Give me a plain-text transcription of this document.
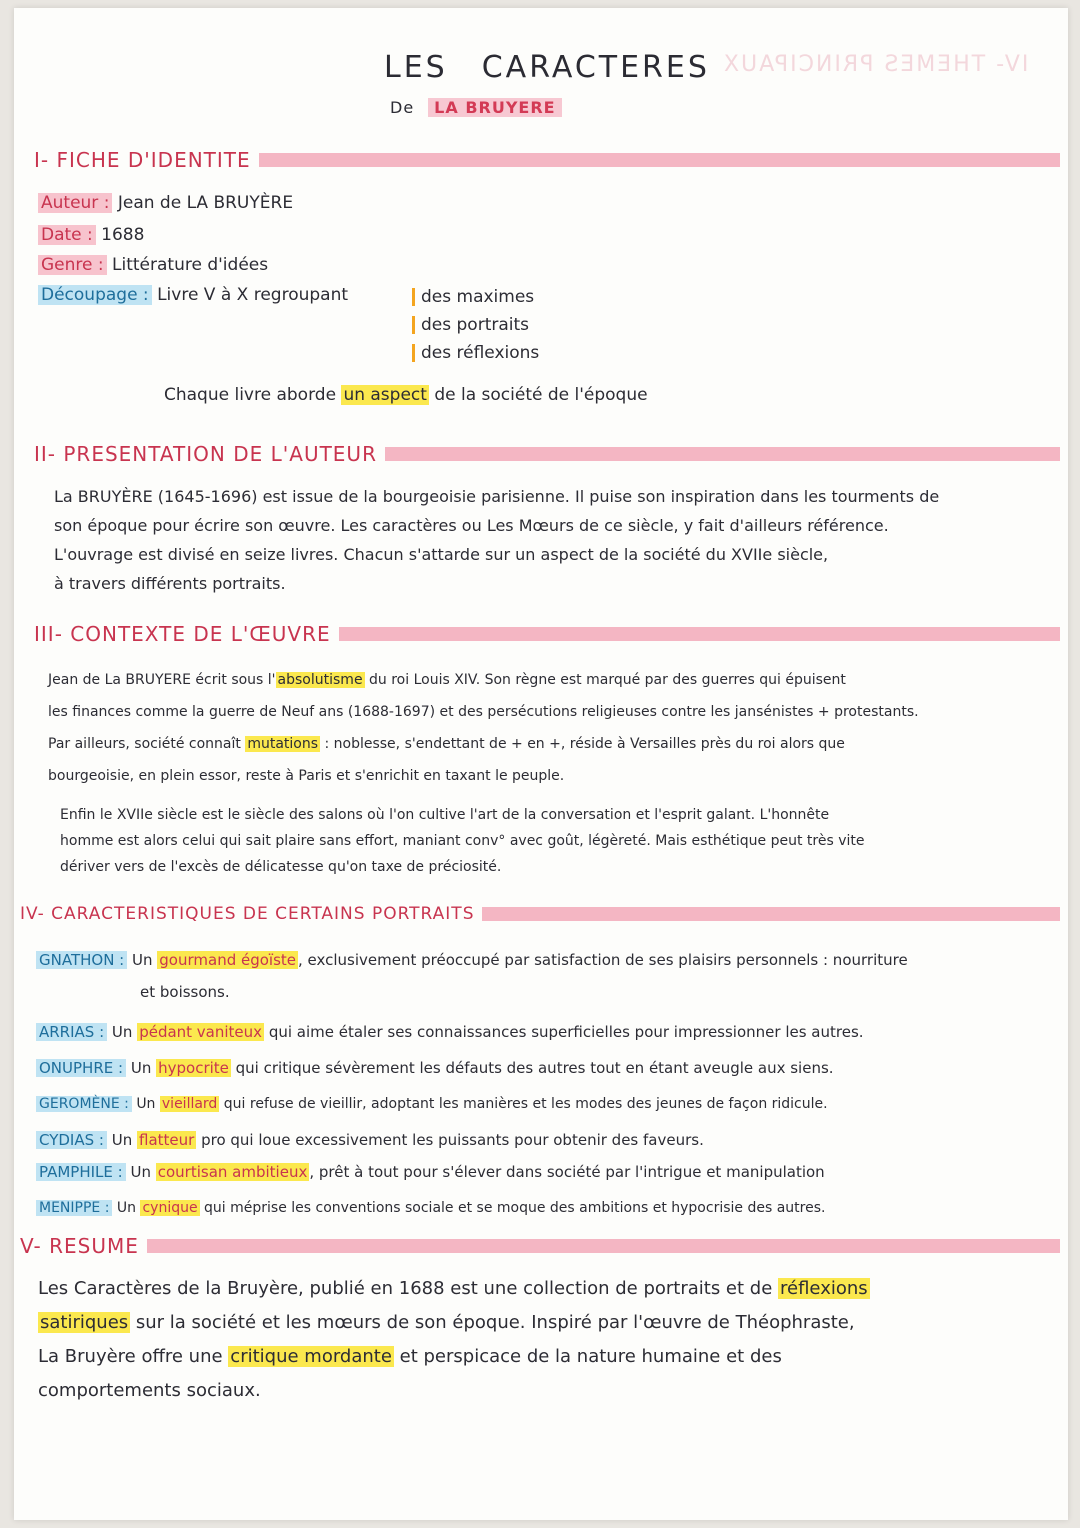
IV- THEMES PRINCIPAUX
LES CARACTERES
De LA BRUYERE
I- FICHE D'IDENTITE
Auteur : Jean de LA BRUYÈRE
Date : 1688
Genre : Littérature d'idées
Découpage : Livre V à X regroupant	des maximes
des portraits
des réflexions
Chaque livre aborde un aspect de la société de l'époque
II- PRESENTATION DE L'AUTEUR

La BRUYÈRE (1645-1696) est issue de la bourgeoisie parisienne. Il puise son inspiration dans les tourments de

son époque pour écrire son œuvre. Les caractères ou Les Mœurs de ce siècle, y fait d'ailleurs référence.

L'ouvrage est divisé en seize livres. Chacun s'attarde sur un aspect de la société du XVIIe siècle,

à travers différents portraits.

III- CONTEXTE DE L'ŒUVRE

Jean de La BRUYERE écrit sous l' absolutisme du roi Louis XIV. Son règne est marqué par des guerres qui épuisent

les finances comme la guerre de Neuf ans (1688-1697) et des persécutions religieuses contre les jansénistes + protestants.

Par ailleurs, société connaît mutations : noblesse, s'endettant de + en +, réside à Versailles près du roi alors que

bourgeoisie, en plein essor, reste à Paris et s'enrichit en taxant le peuple.

Enfin le XVIIe siècle est le siècle des salons où l'on cultive l'art de la conversation et l'esprit galant. L'honnête

homme est alors celui qui sait plaire sans effort, maniant conv° avec goût, légèreté. Mais esthétique peut très vite

dériver vers de l'excès de délicatesse qu'on taxe de préciosité.

IV- CARACTERISTIQUES DE CERTAINS PORTRAITS
GNATHON : Un gourmand égoïste , exclusivement préoccupé par satisfaction de ses plaisirs personnels : nourriture
et boissons.
ARRIAS : Un pédant vaniteux qui aime étaler ses connaissances superficielles pour impressionner les autres.
ONUPHRE : Un hypocrite qui critique sévèrement les défauts des autres tout en étant aveugle aux siens.
GEROMÈNE : Un vieillard qui refuse de vieillir, adoptant les manières et les modes des jeunes de façon ridicule.
CYDIAS : Un flatteur pro qui loue excessivement les puissants pour obtenir des faveurs.
PAMPHILE : Un courtisan ambitieux , prêt à tout pour s'élever dans société par l'intrigue et manipulation
MENIPPE : Un cynique qui méprise les conventions sociale et se moque des ambitions et hypocrisie des autres.
V- RESUME

Les Caractères de la Bruyère, publié en 1688 est une collection de portraits et de réflexions

satiriques sur la société et les mœurs de son époque. Inspiré par l'œuvre de Théophraste,

La Bruyère offre une critique mordante et perspicace de la nature humaine et des

comportements sociaux.
